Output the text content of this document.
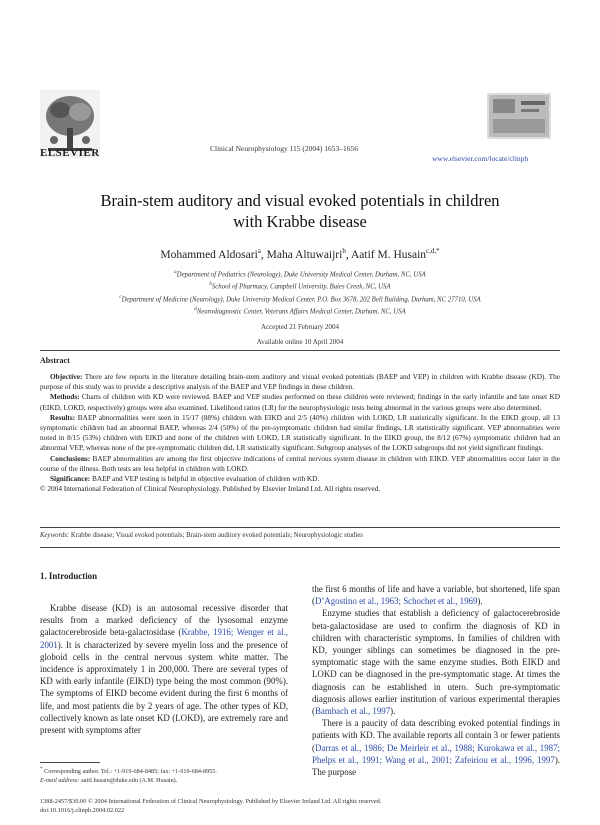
ELSEVIER	Clinical Neurophysiology 115 (2004) 1653–1656
www.elsevier.com/locate/clinph
Brain-stem auditory and visual evoked potentials in children
with Krabbe disease
Mohammed Aldosari$^a$, Maha Altuwaijri$^b$, Aatif M. Husain$^{c,d,*}$
$^a$Department of Pediatrics (Neurology), Duke University Medical Center, Durham, NC, USA
$^b$School of Pharmacy, Campbell University, Buies Creek, NC, USA
$^c$Department of Medicine (Neurology), Duke University Medical Center, P.O. Box 3678, 202 Bell Building, Durham, NC 27710, USA
$^d$Neurodiagnostic Center, Veterans Affairs Medical Center, Durham, NC, USA
Accepted 21 February 2004
Available online 10 April 2004
Abstract

Objective: There are few reports in the literature detailing brain-stem auditory and visual evoked potentials (BAEP and VEP) in children with Krabbe disease (KD). The purpose of this study was to provide a descriptive analysis of the BAEP and VEP findings in these children.

Methods: Charts of children with KD were reviewed. BAEP and VEP studies performed on these children were reviewed; findings in the early infantile and late onset KD (EIKD, LOKD, respectively) groups were also examined. Likelihood ratios (LR) for the neurophysiologic tests being abnormal in the various groups were also determined.

Results: BAEP abnormalities were seen in 15/17 (88%) children with EIKD and 2/5 (40%) children with LOKD, LR statistically significant. In the EIKD group, all 13 symptomatic children had an abnormal BAEP, whereas 2/4 (50%) of the pre-symptomatic children had similar findings, LR statistically significant. VEP abnormalities were noted in 8/15 (53%) children with EIKD and none of the children with LOKD, LR statistically significant. In the EIKD group, the 8/12 (67%) symptomatic children had an abnormal VEP, whereas none of the pre-symptomatic children did, LR statistically significant. Subgroup analyses of the LOKD subgroups did not yield significant findings.

Conclusions: BAEP abnormalities are among the first objective indications of central nervous system disease in children with EIKD. VEP abnormalities occur later in the course of the illness. Both tests are less helpful in children with LOKD.

Significance: BAEP and VEP testing is helpful in objective evaluation of children with KD.

© 2004 International Federation of Clinical Neurophysiology. Published by Elsevier Ireland Ltd. All rights reserved.

Keywords: Krabbe disease; Visual evoked potentials; Brain-stem auditory evoked potentials; Neurophysiologic studies
1. Introduction

Krabbe disease (KD) is an autosomal recessive disorder that results from a marked deficiency of the lysosomal enzyme galactocerebroside beta-galactosidase (Krabbe, 1916; Wenger et al., 2001). It is characterized by severe myelin loss and the presence of globoid cells in the central nervous system white matter. The incidence is approximately 1 in 200,000. There are several types of KD with early infantile (EIKD) type being the most common (90%). The symptoms of EIKD become evident during the first 6 months of life, and most patients die by 2 years of age. The other types of KD, collectively known as late onset KD (LOKD), are extremely rare and present with symptoms after

the first 6 months of life and have a variable, but shortened, life span (D’Agostino et al., 1963; Schochet et al., 1969).

Enzyme studies that establish a deficiency of galactocerebroside beta-galactosidase are used to confirm the diagnosis of KD in children with characteristic symptoms. In families of children with KD, younger siblings can sometimes be diagnosed in the pre-symptomatic stage with the same enzyme studies. Both EIKD and LOKD can be diagnosed in the pre-symptomatic stage. At times the diagnosis can be established in utero. Such pre-symptomatic diagnosis allows earlier institution of various experimental therapies (Bambach et al., 1997).

There is a paucity of data describing evoked potential findings in patients with KD. The available reports all contain 3 or fewer patients (Darras et al., 1986; De Meirleir et al., 1988; Kurokawa et al., 1987; Phelps et al., 1991; Wang et al., 2001; Zafeiriou et al., 1996, 1997). The purpose

* Corresponding author. Tel.: +1-919-684-8485; fax: +1-919-684-8955.
E-mail address: aatif.husain@duke.edu (A.M. Husain).
1388-2457/$30.00 © 2004 International Federation of Clinical Neurophysiology. Published by Elsevier Ireland Ltd. All rights reserved.
doi:10.1016/j.clinph.2004.02.022
